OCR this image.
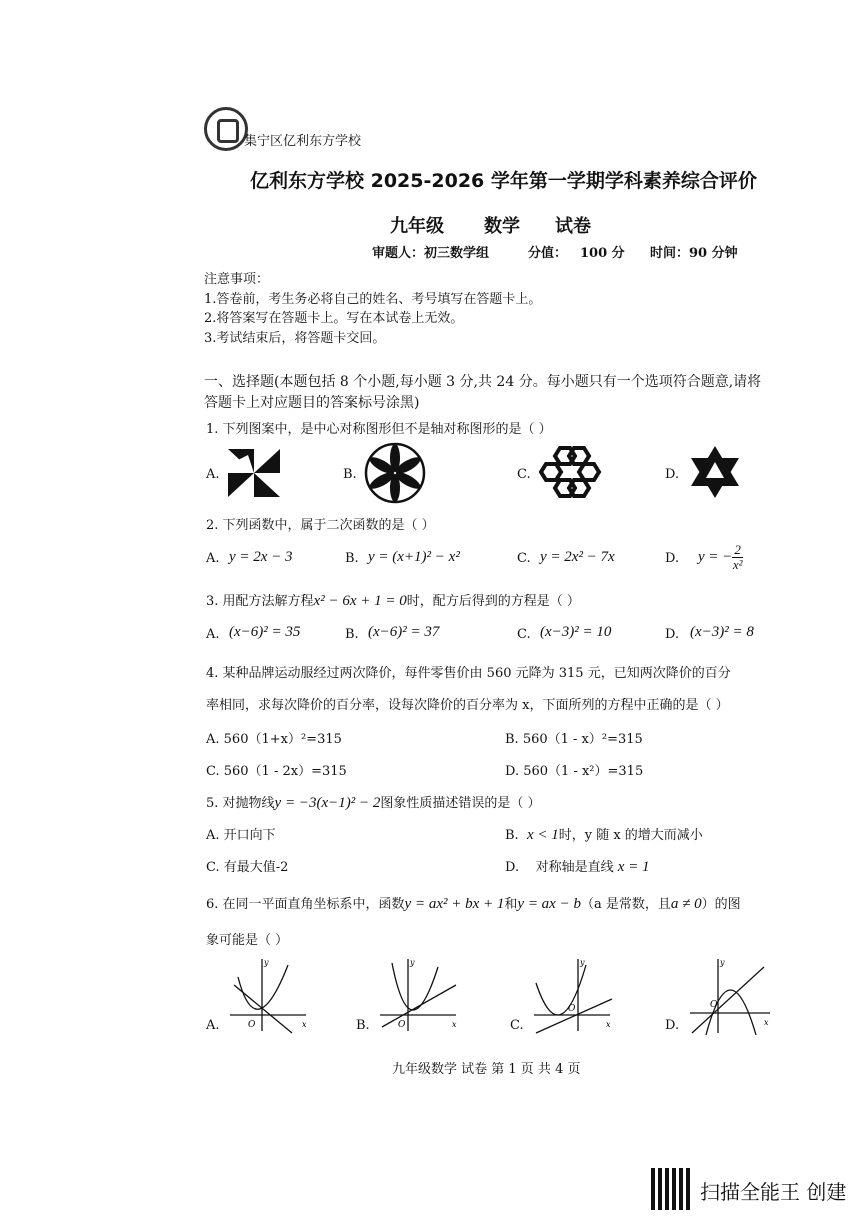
集宁区亿利东方学校
亿利东方学校 2025-2026 学年第一学期学科素养综合评价
九年级 数学 试卷
审题人：初三数学组	分值： 100 分 时间：90 分钟
注意事项：
1.答卷前，考生务必将自己的姓名、考号填写在答题卡上。
2.将答案写在答题卡上。写在本试卷上无效。
3.考试结束后，将答题卡交回。
一、选择题(本题包括 8 个小题,每小题 3 分,共 24 分。每小题只有一个选项符合题意,请将
答题卡上对应题目的答案标号涂黑)
1. 下列图案中，是中心对称图形但不是轴对称图形的是（ ）
A.	B.	C.	D.
2. 下列函数中，属于二次函数的是（ ）
A. y = 2x − 3	B. y = (x+1)² − x²	C. y = 2x² − 7x	D. y = − $\frac{2}{\text{x²}}$
3. 用配方法解方程x² − 6x + 1 = 0时，配方后得到的方程是（ ）
A. (x−6)² = 35	B. (x−6)² = 37	C. (x−3)² = 10	D. (x−3)² = 8
4. 某种品牌运动服经过两次降价，每件零售价由 560 元降为 315 元，已知两次降价的百分
率相同，求每次降价的百分率，设每次降价的百分率为 x，下面所列的方程中正确的是（ ）
A. 560（1+x）²=315	B. 560（1 - x）²=315
C. 560（1 - 2x）=315	D. 560（1 - x²）=315
5. 对抛物线y = −3(x−1)² − 2图象性质描述错误的是（ ）
A. 开口向下	B. x < 1时，y 随 x 的增大而减小
C. 有最大值-2	D. 对称轴是直线 x = 1
6. 在同一平面直角坐标系中，函数y = ax² + bx + 1和y = ax − b（a 是常数，且a ≠ 0）的图
象可能是（ ）
A.	O	x
y
B.	O	x
y
C.
O
x
y
D.
O
x
y
九年级数学 试卷 第 1 页 共 4 页
扫描全能王 创建
